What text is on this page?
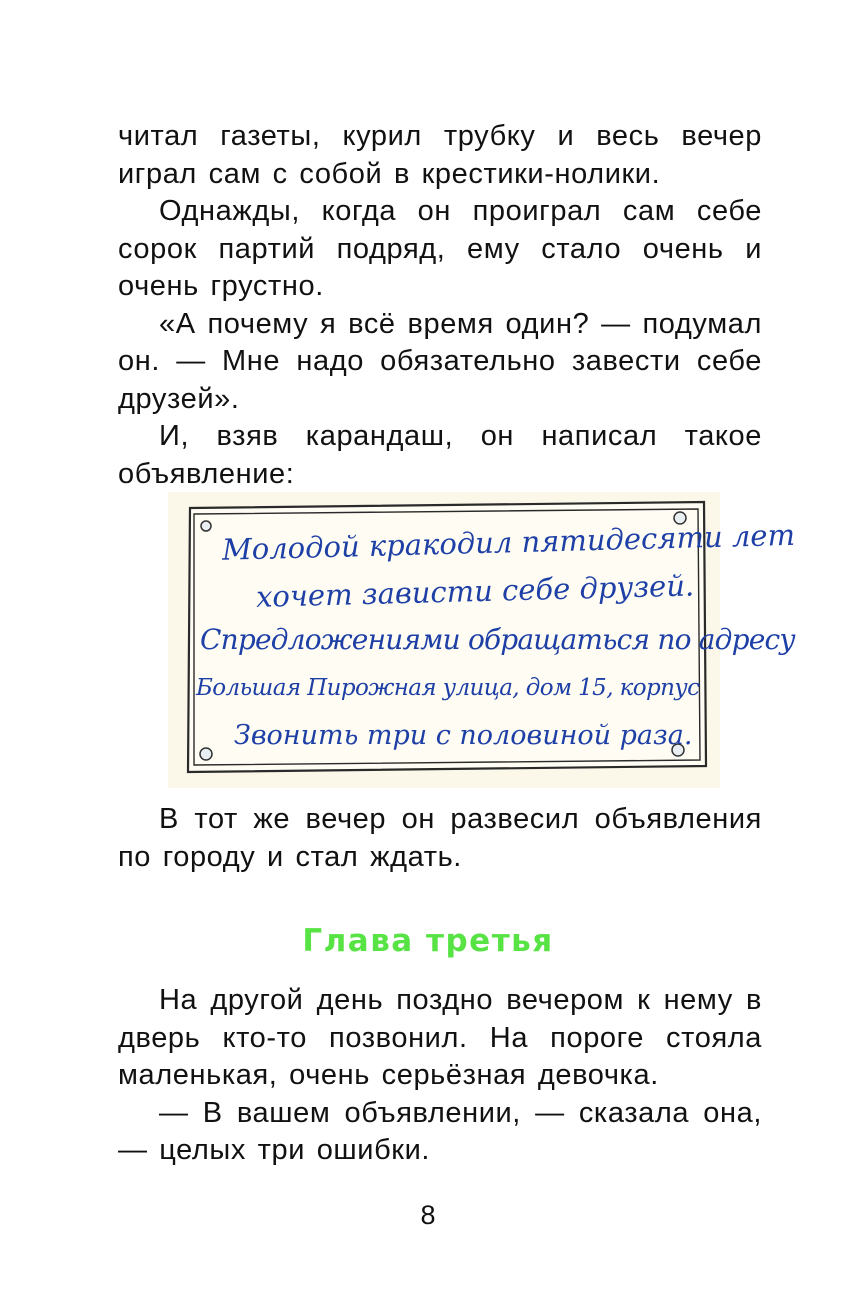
читал газеты, курил трубку и весь вечер играл сам с собой в крестики-нолики.

Однажды, когда он проиграл сам себе сорок партий подряд, ему стало очень и очень грустно.

«А почему я всё время один? — подумал он. — Мне надо обязательно завести себе друзей».

И, взяв карандаш, он написал такое объявление:

Молодой кракодил пятидесяти лет
хочет зависти себе друзей.
Спредложениями обращаться по адресу
Большая Пирожная улица, дом 15, корпус
Звонить три с половиной раза.

В тот же вечер он развесил объявления по городу и стал ждать.

Глава третья

На другой день поздно вечером к нему в дверь кто-то позвонил. На пороге стояла маленькая, очень серьёзная девочка.

— В вашем объявлении, — сказала она, — целых три ошибки.

8
